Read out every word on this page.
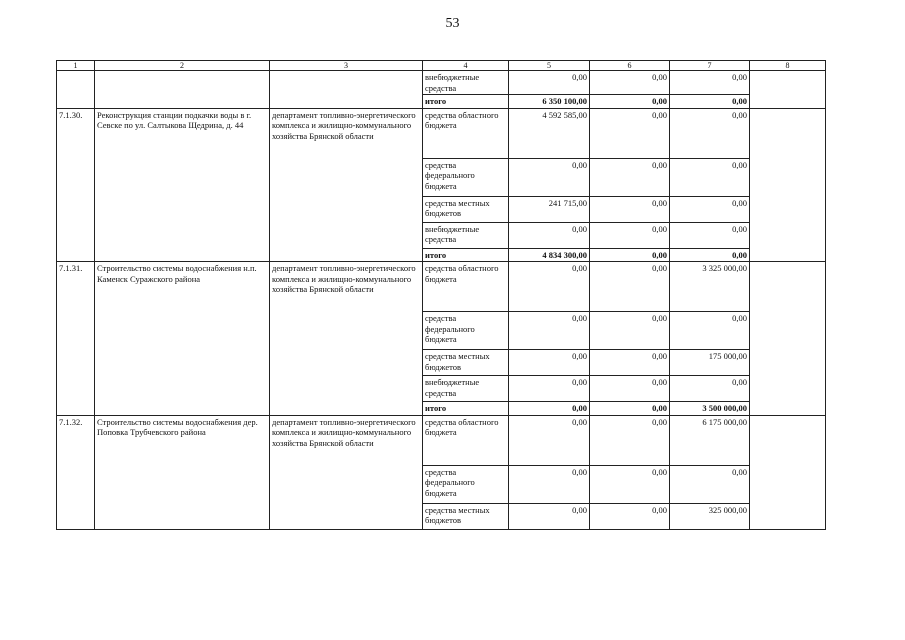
53
1	2	3	4	5	6	7	8
			внебюджетные средства	0,00	0,00	0,00	
			итого	6 350 100,00	0,00	0,00	
7.1.30.	Реконструкция станции подкачки воды в г. Севске по ул. Салтыкова Щедрина, д. 44	департамент топливно-энергетического комплекса и жилищно-коммунального хозяйства Брянской области	средства областного бюджета	4 592 585,00	0,00	0,00	
			средства федерального бюджета	0,00	0,00	0,00	
			средства местных бюджетов	241 715,00	0,00	0,00	
			внебюджетные средства	0,00	0,00	0,00	
			итого	4 834 300,00	0,00	0,00	
7.1.31.	Строительство системы водоснабжения н.п. Каменск Суражского района	департамент топливно-энергетического комплекса и жилищно-коммунального хозяйства Брянской области	средства областного бюджета	0,00	0,00	3 325 000,00	
			средства федерального бюджета	0,00	0,00	0,00	
			средства местных бюджетов	0,00	0,00	175 000,00	
			внебюджетные средства	0,00	0,00	0,00	
			итого	0,00	0,00	3 500 000,00	
7.1.32.	Строительство системы водоснабжения дер. Поповка Трубчевского района	департамент топливно-энергетического комплекса и жилищно-коммунального хозяйства Брянской области	средства областного бюджета	0,00	0,00	6 175 000,00	
			средства федерального бюджета	0,00	0,00	0,00	
			средства местных бюджетов	0,00	0,00	325 000,00	
